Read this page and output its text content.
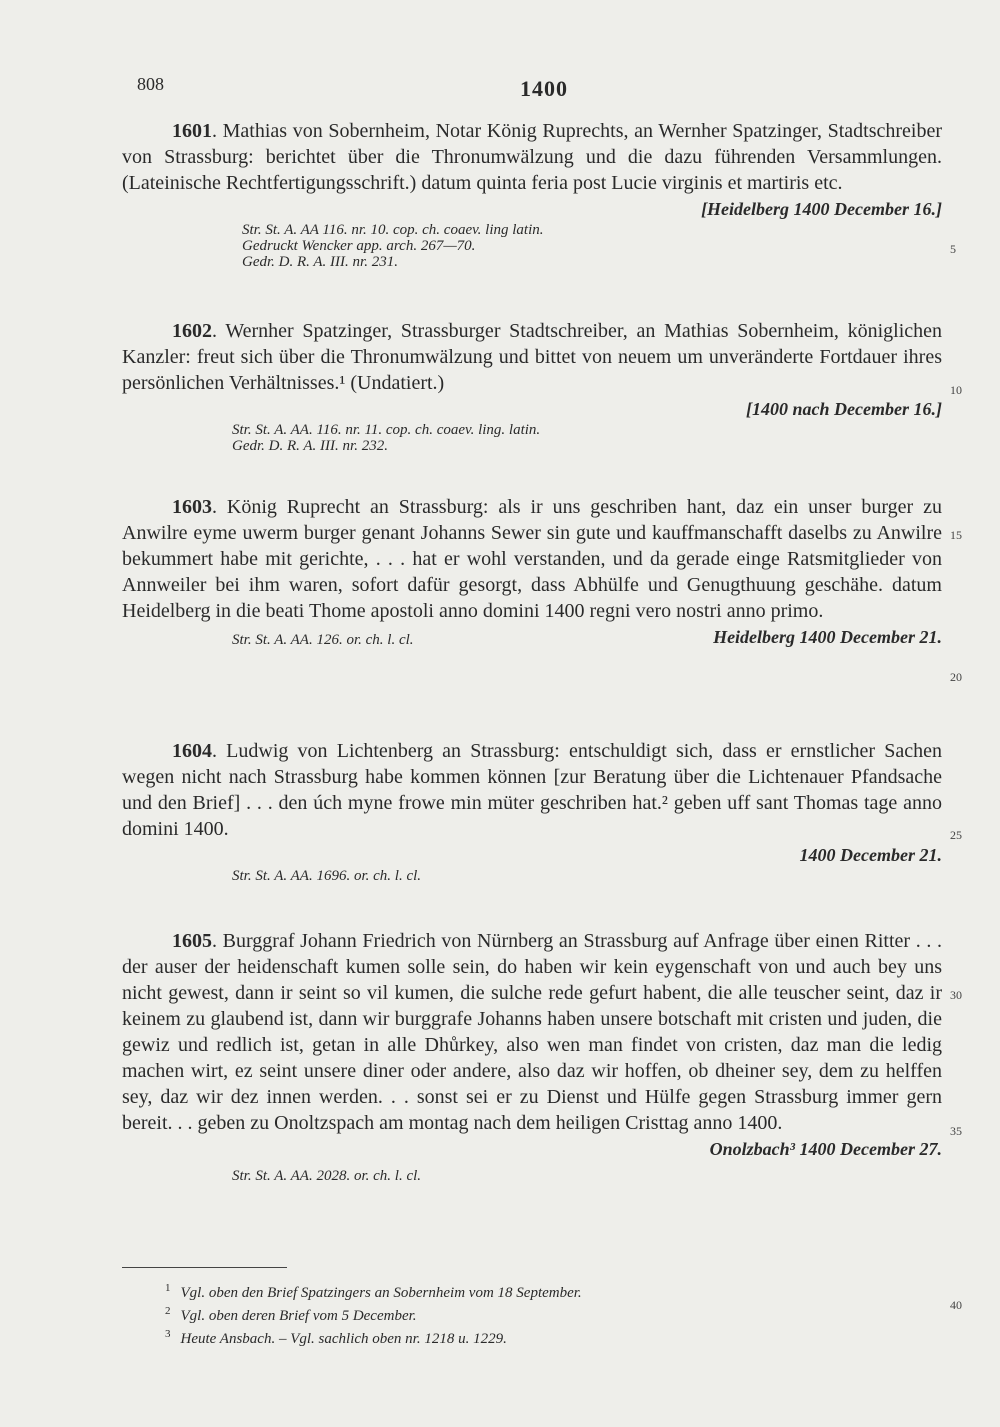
808	1400

1601. Mathias von Sobernheim, Notar König Ruprechts, an Wernher Spatzinger, Stadtschreiber von Strassburg: berichtet über die Thronumwälzung und die dazu führenden Versammlungen. (Lateinische Rechtfertigungsschrift.) datum quinta feria post Lucie virginis et martiris etc.

[Heidelberg 1400 December 16.]
Str. St. A. AA 116. nr. 10. cop. ch. coaev. ling latin.
Gedruckt Wencker app. arch. 267—70.
Gedr. D. R. A. III. nr. 231.

1602. Wernher Spatzinger, Strassburger Stadtschreiber, an Mathias Sobernheim, königlichen Kanzler: freut sich über die Thronumwälzung und bittet von neuem um unveränderte Fortdauer ihres persönlichen Verhältnisses.¹ (Undatiert.)

[1400 nach December 16.]
Str. St. A. AA. 116. nr. 11. cop. ch. coaev. ling. latin.
Gedr. D. R. A. III. nr. 232.

1603. König Ruprecht an Strassburg: als ir uns geschriben hant, daz ein unser burger zu Anwilre eyme uwerm burger genant Johanns Sewer sin gute und kauffmanschafft daselbs zu Anwilre bekummert habe mit gerichte, . . . hat er wohl verstanden, und da gerade einge Ratsmitglieder von Annweiler bei ihm waren, sofort dafür gesorgt, dass Abhülfe und Genugthuung geschähe. datum Heidelberg in die beati Thome apostoli anno domini 1400 regni vero nostri anno primo.

Heidelberg 1400 December 21.
Str. St. A. AA. 126. or. ch. l. cl.

1604. Ludwig von Lichtenberg an Strassburg: entschuldigt sich, dass er ernstlicher Sachen wegen nicht nach Strassburg habe kommen können [zur Beratung über die Lichtenauer Pfandsache und den Brief] . . . den úch myne frowe min müter geschriben hat.² geben uff sant Thomas tage anno domini 1400.

1400 December 21.
Str. St. A. AA. 1696. or. ch. l. cl.

1605. Burggraf Johann Friedrich von Nürnberg an Strassburg auf Anfrage über einen Ritter . . . der auser der heidenschaft kumen solle sein, do haben wir kein eygenschaft von und auch bey uns nicht gewest, dann ir seint so vil kumen, die sulche rede gefurt habent, die alle teuscher seint, daz ir keinem zu glaubend ist, dann wir burggrafe Johanns haben unsere botschaft mit cristen und juden, die gewiz und redlich ist, getan in alle Dhůrkey, also wen man findet von cristen, daz man die ledig machen wirt, ez seint unsere diner oder andere, also daz wir hoffen, ob dheiner sey, dem zu helffen sey, daz wir dez innen werden. . . sonst sei er zu Dienst und Hülfe gegen Strassburg immer gern bereit. . . geben zu Onoltzspach am montag nach dem heiligen Cristtag anno 1400.

Onolzbach³ 1400 December 27.
Str. St. A. AA. 2028. or. ch. l. cl.
5
10
15
20
25
30
35
40
$^1$ Vgl. oben den Brief Spatzingers an Sobernheim vom 18 September.
$^2$ Vgl. oben deren Brief vom 5 December.
$^3$ Heute Ansbach. – Vgl. sachlich oben nr. 1218 u. 1229.
